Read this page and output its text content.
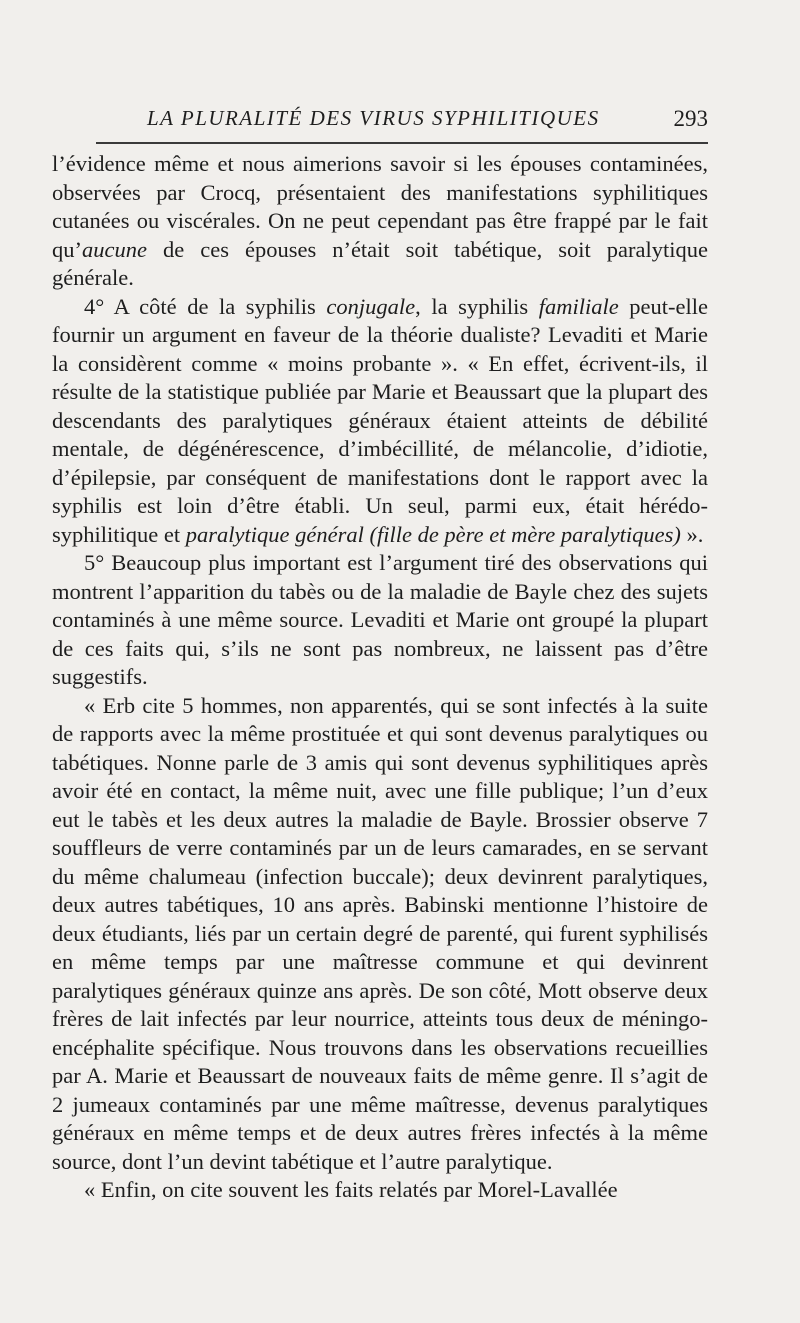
LA PLURALITÉ DES VIRUS SYPHILITIQUES	293

l’évidence même et nous aimerions savoir si les épouses contaminées, observées par Crocq, présentaient des manifestations syphilitiques cutanées ou viscérales. On ne peut cependant pas être frappé par le fait qu’aucune de ces épouses n’était soit tabétique, soit paralytique générale.

4° A côté de la syphilis conjugale, la syphilis familiale peut-elle fournir un argument en faveur de la théorie dualiste? Levaditi et Marie la considèrent comme « moins probante ». « En effet, écrivent-ils, il résulte de la statistique publiée par Marie et Beaussart que la plupart des descendants des paralytiques généraux étaient atteints de débilité mentale, de dégénérescence, d’imbécillité, de mélancolie, d’idiotie, d’épilepsie, par conséquent de manifestations dont le rapport avec la syphilis est loin d’être établi. Un seul, parmi eux, était hérédo-syphilitique et paralytique général (fille de père et mère paralytiques) ».

5° Beaucoup plus important est l’argument tiré des observations qui montrent l’apparition du tabès ou de la maladie de Bayle chez des sujets contaminés à une même source. Levaditi et Marie ont groupé la plupart de ces faits qui, s’ils ne sont pas nombreux, ne laissent pas d’être suggestifs.

« Erb cite 5 hommes, non apparentés, qui se sont infectés à la suite de rapports avec la même prostituée et qui sont devenus paralytiques ou tabétiques. Nonne parle de 3 amis qui sont devenus syphilitiques après avoir été en contact, la même nuit, avec une fille publique; l’un d’eux eut le tabès et les deux autres la maladie de Bayle. Brossier observe 7 souffleurs de verre contaminés par un de leurs camarades, en se servant du même chalumeau (infection buccale); deux devinrent paralytiques, deux autres tabétiques, 10 ans après. Babinski mentionne l’histoire de deux étudiants, liés par un certain degré de parenté, qui furent syphilisés en même temps par une maîtresse commune et qui devinrent paralytiques généraux quinze ans après. De son côté, Mott observe deux frères de lait infectés par leur nourrice, atteints tous deux de méningo-encéphalite spécifique. Nous trouvons dans les observations recueillies par A. Marie et Beaussart de nouveaux faits de même genre. Il s’agit de 2 jumeaux contaminés par une même maîtresse, devenus paralytiques généraux en même temps et de deux autres frères infectés à la même source, dont l’un devint tabétique et l’autre paralytique.

« Enfin, on cite souvent les faits relatés par Morel-Lavallée
